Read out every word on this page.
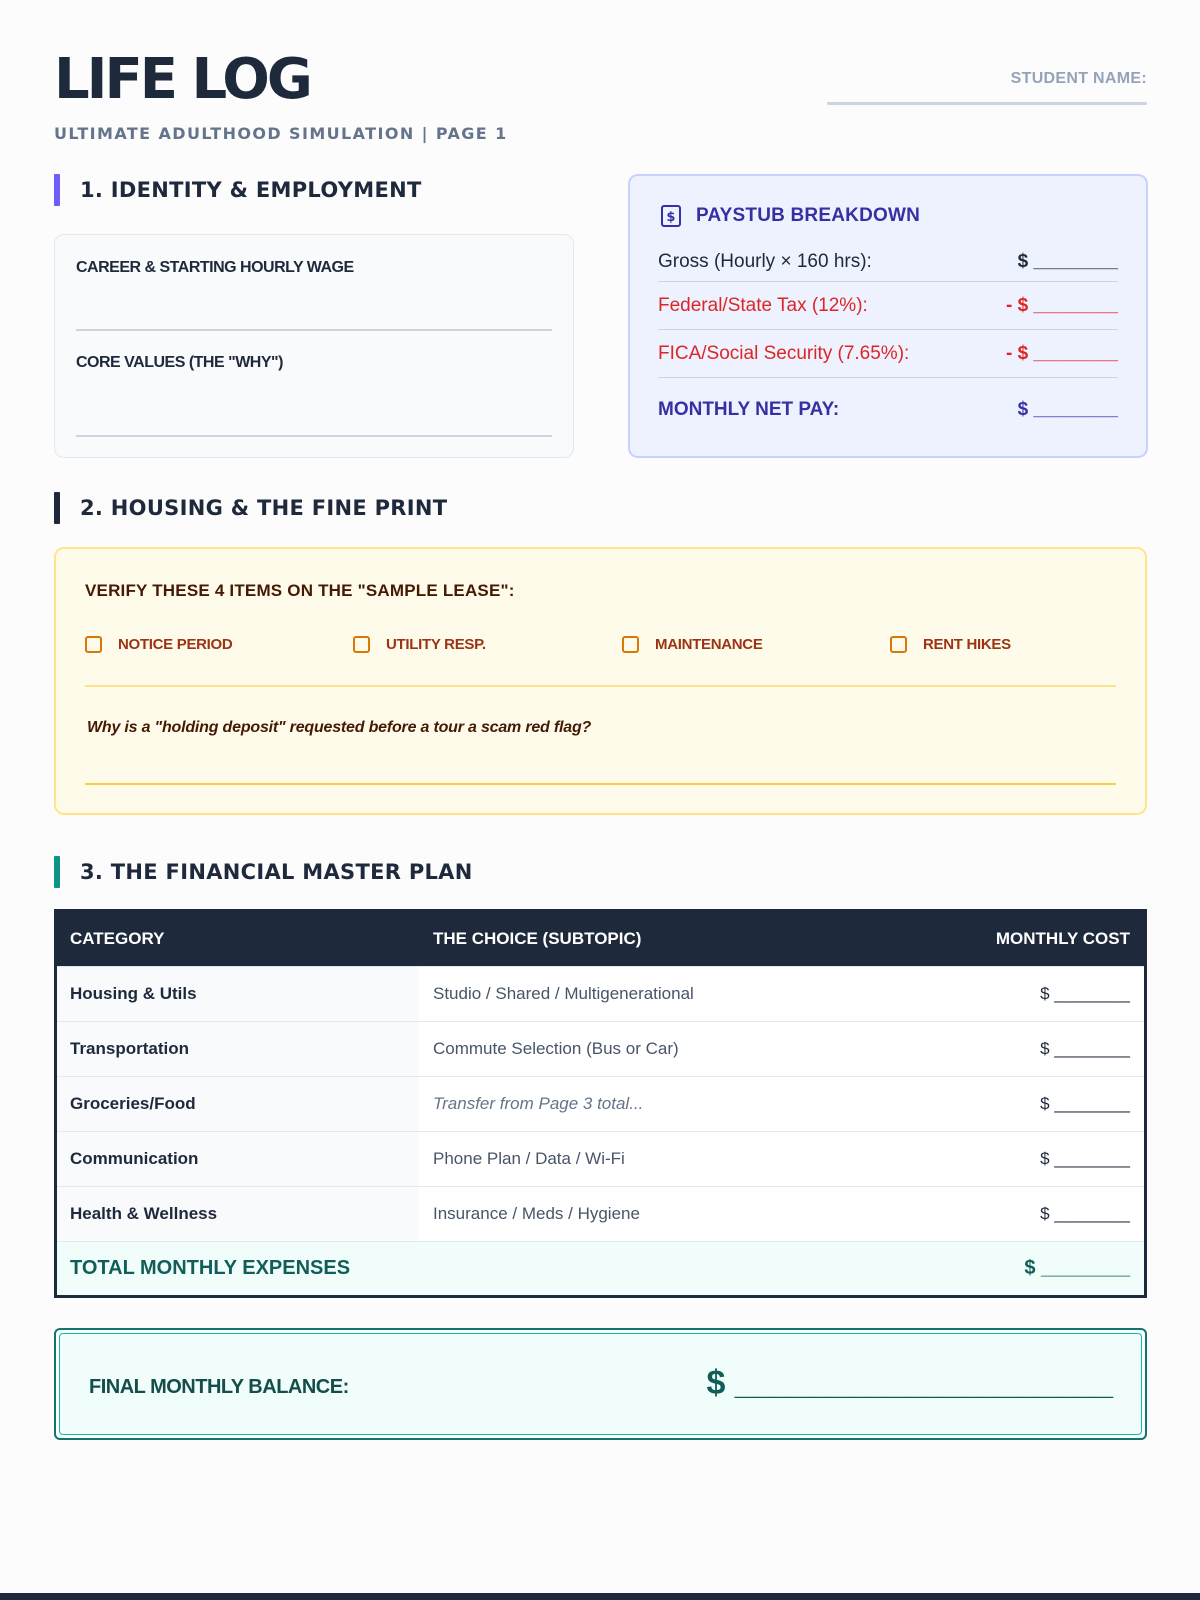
LIFE LOG
ULTIMATE ADULTHOOD SIMULATION | PAGE 1
STUDENT NAME:
1. IDENTITY & EMPLOYMENT
CAREER & STARTING HOURLY WAGE
CORE VALUES (THE "WHY")
$ PAYSTUB BREAKDOWN
Gross (Hourly × 160 hrs):	$ ________
Federal/State Tax (12%):	- $ ________
FICA/Social Security (7.65%):	- $ ________
MONTHLY NET PAY:	$ ________
2. HOUSING & THE FINE PRINT
VERIFY THESE 4 ITEMS ON THE "SAMPLE LEASE":
NOTICE PERIOD	UTILITY RESP.	MAINTENANCE	RENT HIKES
Why is a "holding deposit" requested before a tour a scam red flag?
3. THE FINANCIAL MASTER PLAN
CATEGORY	THE CHOICE (SUBTOPIC)	MONTHLY COST
Housing & Utils	Studio / Shared / Multigenerational	$ ________
Transportation	Commute Selection (Bus or Car)	$ ________
Groceries/Food	Transfer from Page 3 total...	$ ________
Communication	Phone Plan / Data / Wi-Fi	$ ________
Health & Wellness	Insurance / Meds / Hygiene	$ ________
TOTAL MONTHLY EXPENSES	$ ________
FINAL MONTHLY BALANCE:	$ ____________________
